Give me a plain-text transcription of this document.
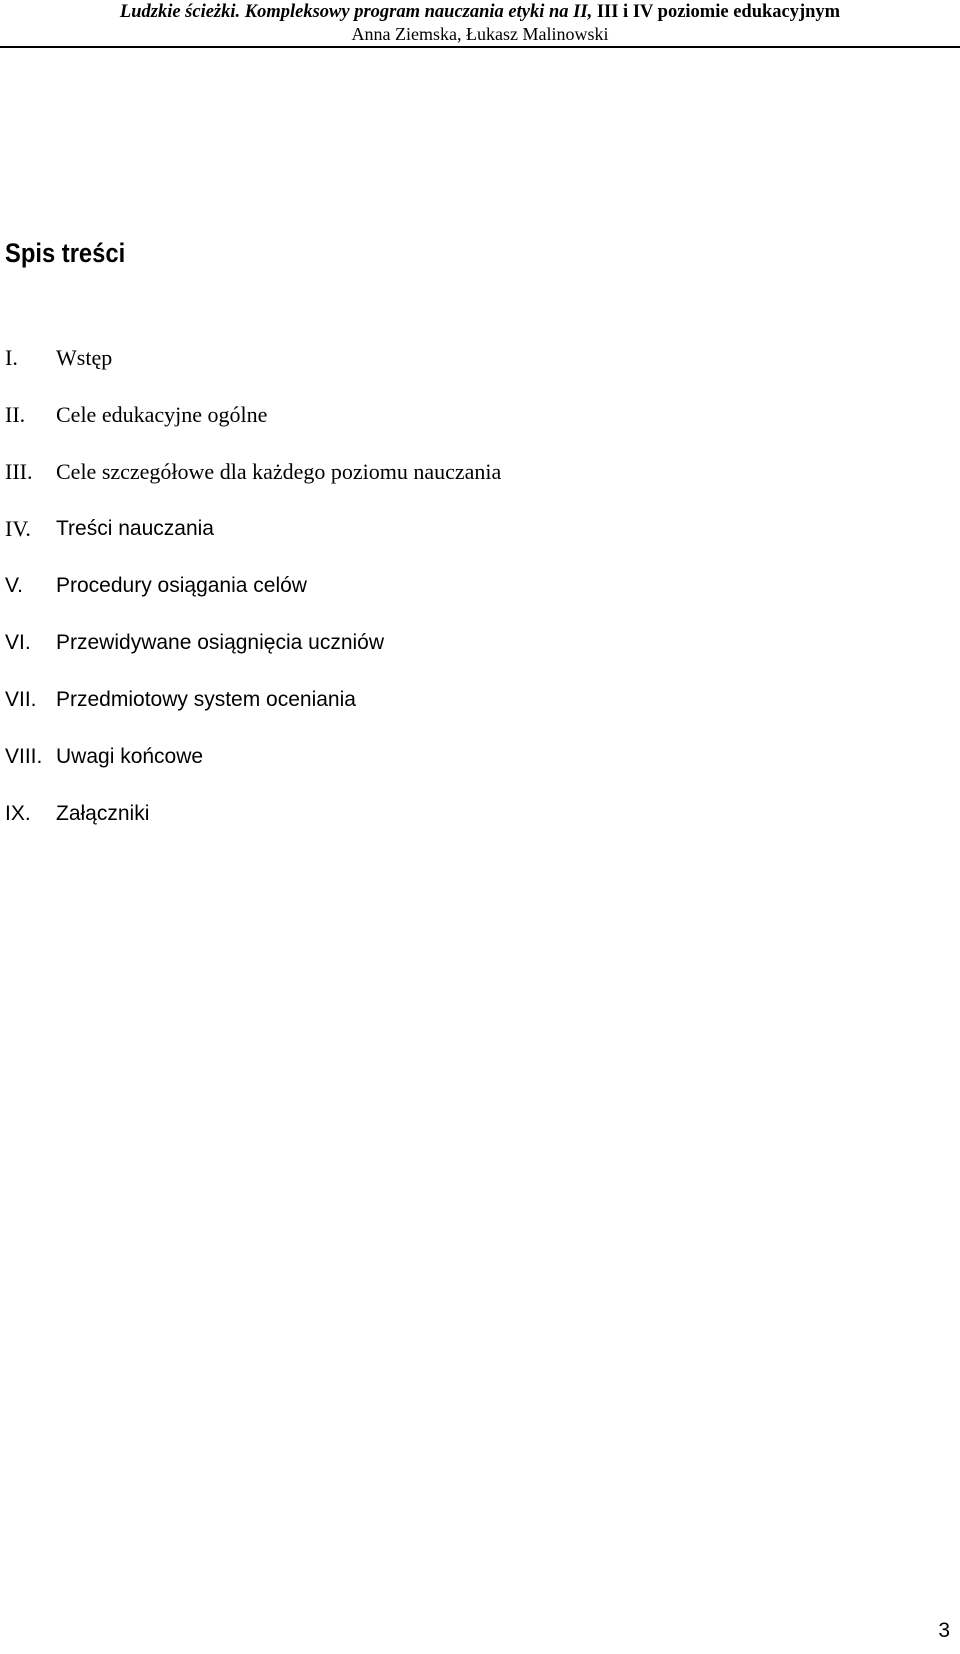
Ludzkie ścieżki. Kompleksowy program nauczania etyki na II, III i IV poziomie edukacyjnym
Anna Ziemska, Łukasz Malinowski
Spis treści
I. Wstęp
II. Cele edukacyjne ogólne
III. Cele szczegółowe dla każdego poziomu nauczania
IV. Treści nauczania
V. Procedury osiągania celów
VI. Przewidywane osiągnięcia uczniów
VII. Przedmiotowy system oceniania
VIII. Uwagi końcowe
IX. Załączniki
3
